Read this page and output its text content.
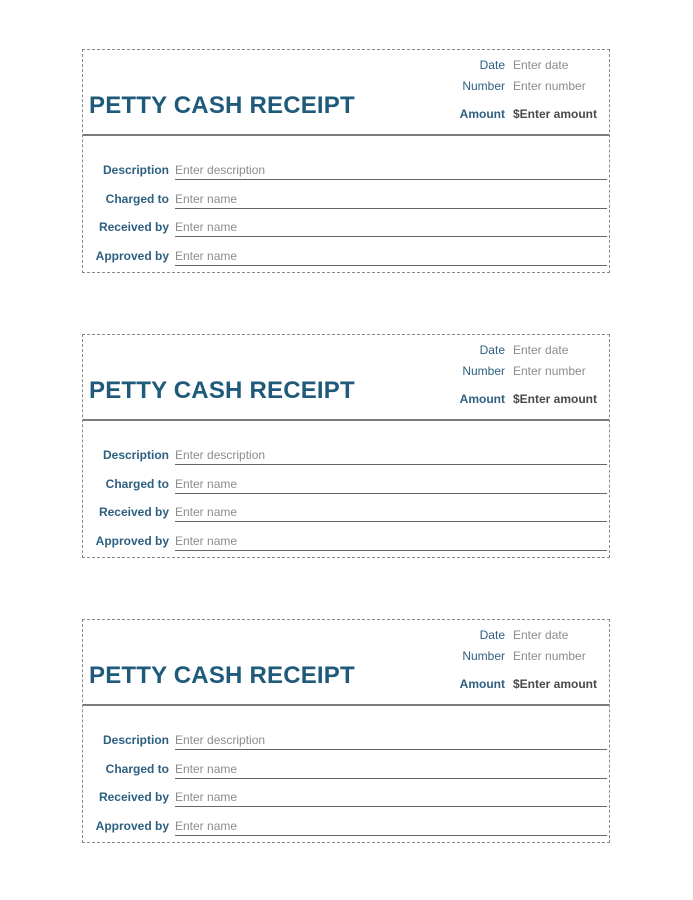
Date Enter date
Number Enter number
PETTY CASH RECEIPT	Amount $Enter amount
Description Enter description
Charged to Enter name
Received by Enter name
Approved by Enter name
Date Enter date
Number Enter number
PETTY CASH RECEIPT	Amount $Enter amount
Description Enter description
Charged to Enter name
Received by Enter name
Approved by Enter name
Date Enter date
Number Enter number
PETTY CASH RECEIPT	Amount $Enter amount
Description Enter description
Charged to Enter name
Received by Enter name
Approved by Enter name
